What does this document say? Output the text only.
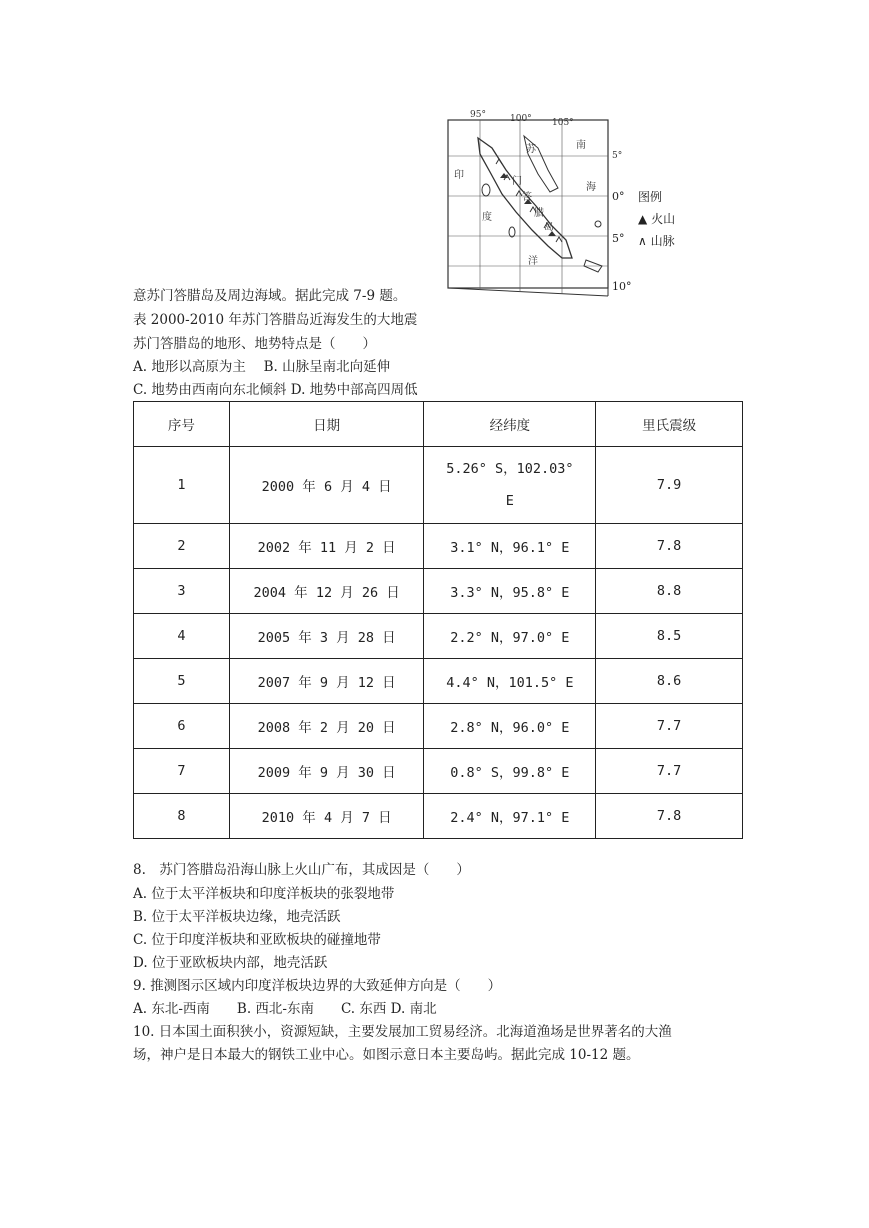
95°	100° 105°
5°
印
度
洋
南
海
苏
门
答
腊
岛
0°
5°
10°
图例
▲ 火山
∧ 山脉
意苏门答腊岛及周边海域。据此完成 7-9 题。
表 2000-2010 年苏门答腊岛近海发生的大地震
苏门答腊岛的地形、地势特点是（　　）
A. 地形以高原为主　 B. 山脉呈南北向延伸
C. 地势由西南向东北倾斜 D. 地势中部高四周低
序号	日期	经纬度	里氏震级
1	2000 年 6 月 4 日	5.26° S，102.03° E	7.9
2	2002 年 11 月 2 日	3.1° N，96.1° E	7.8
3	2004 年 12 月 26 日	3.3° N，95.8° E	8.8
4	2005 年 3 月 28 日	2.2° N，97.0° E	8.5
5	2007 年 9 月 12 日	4.4° N，101.5° E	8.6
6	2008 年 2 月 20 日	2.8° N，96.0° E	7.7
7	2009 年 9 月 30 日	0.8° S，99.8° E	7.7
8	2010 年 4 月 7 日	2.4° N，97.1° E	7.8
8.　苏门答腊岛沿海山脉上火山广布，其成因是（　　）
A. 位于太平洋板块和印度洋板块的张裂地带
B. 位于太平洋板块边缘，地壳活跃
C. 位于印度洋板块和亚欧板块的碰撞地带
D. 位于亚欧板块内部，地壳活跃
9. 推测图示区域内印度洋板块边界的大致延伸方向是（　　）
A. 东北-西南　　B. 西北-东南　　C. 东西 D. 南北
10. 日本国土面积狭小，资源短缺，主要发展加工贸易经济。北海道渔场是世界著名的大渔
场，神户是日本最大的钢铁工业中心。如图示意日本主要岛屿。据此完成 10-12 题。
